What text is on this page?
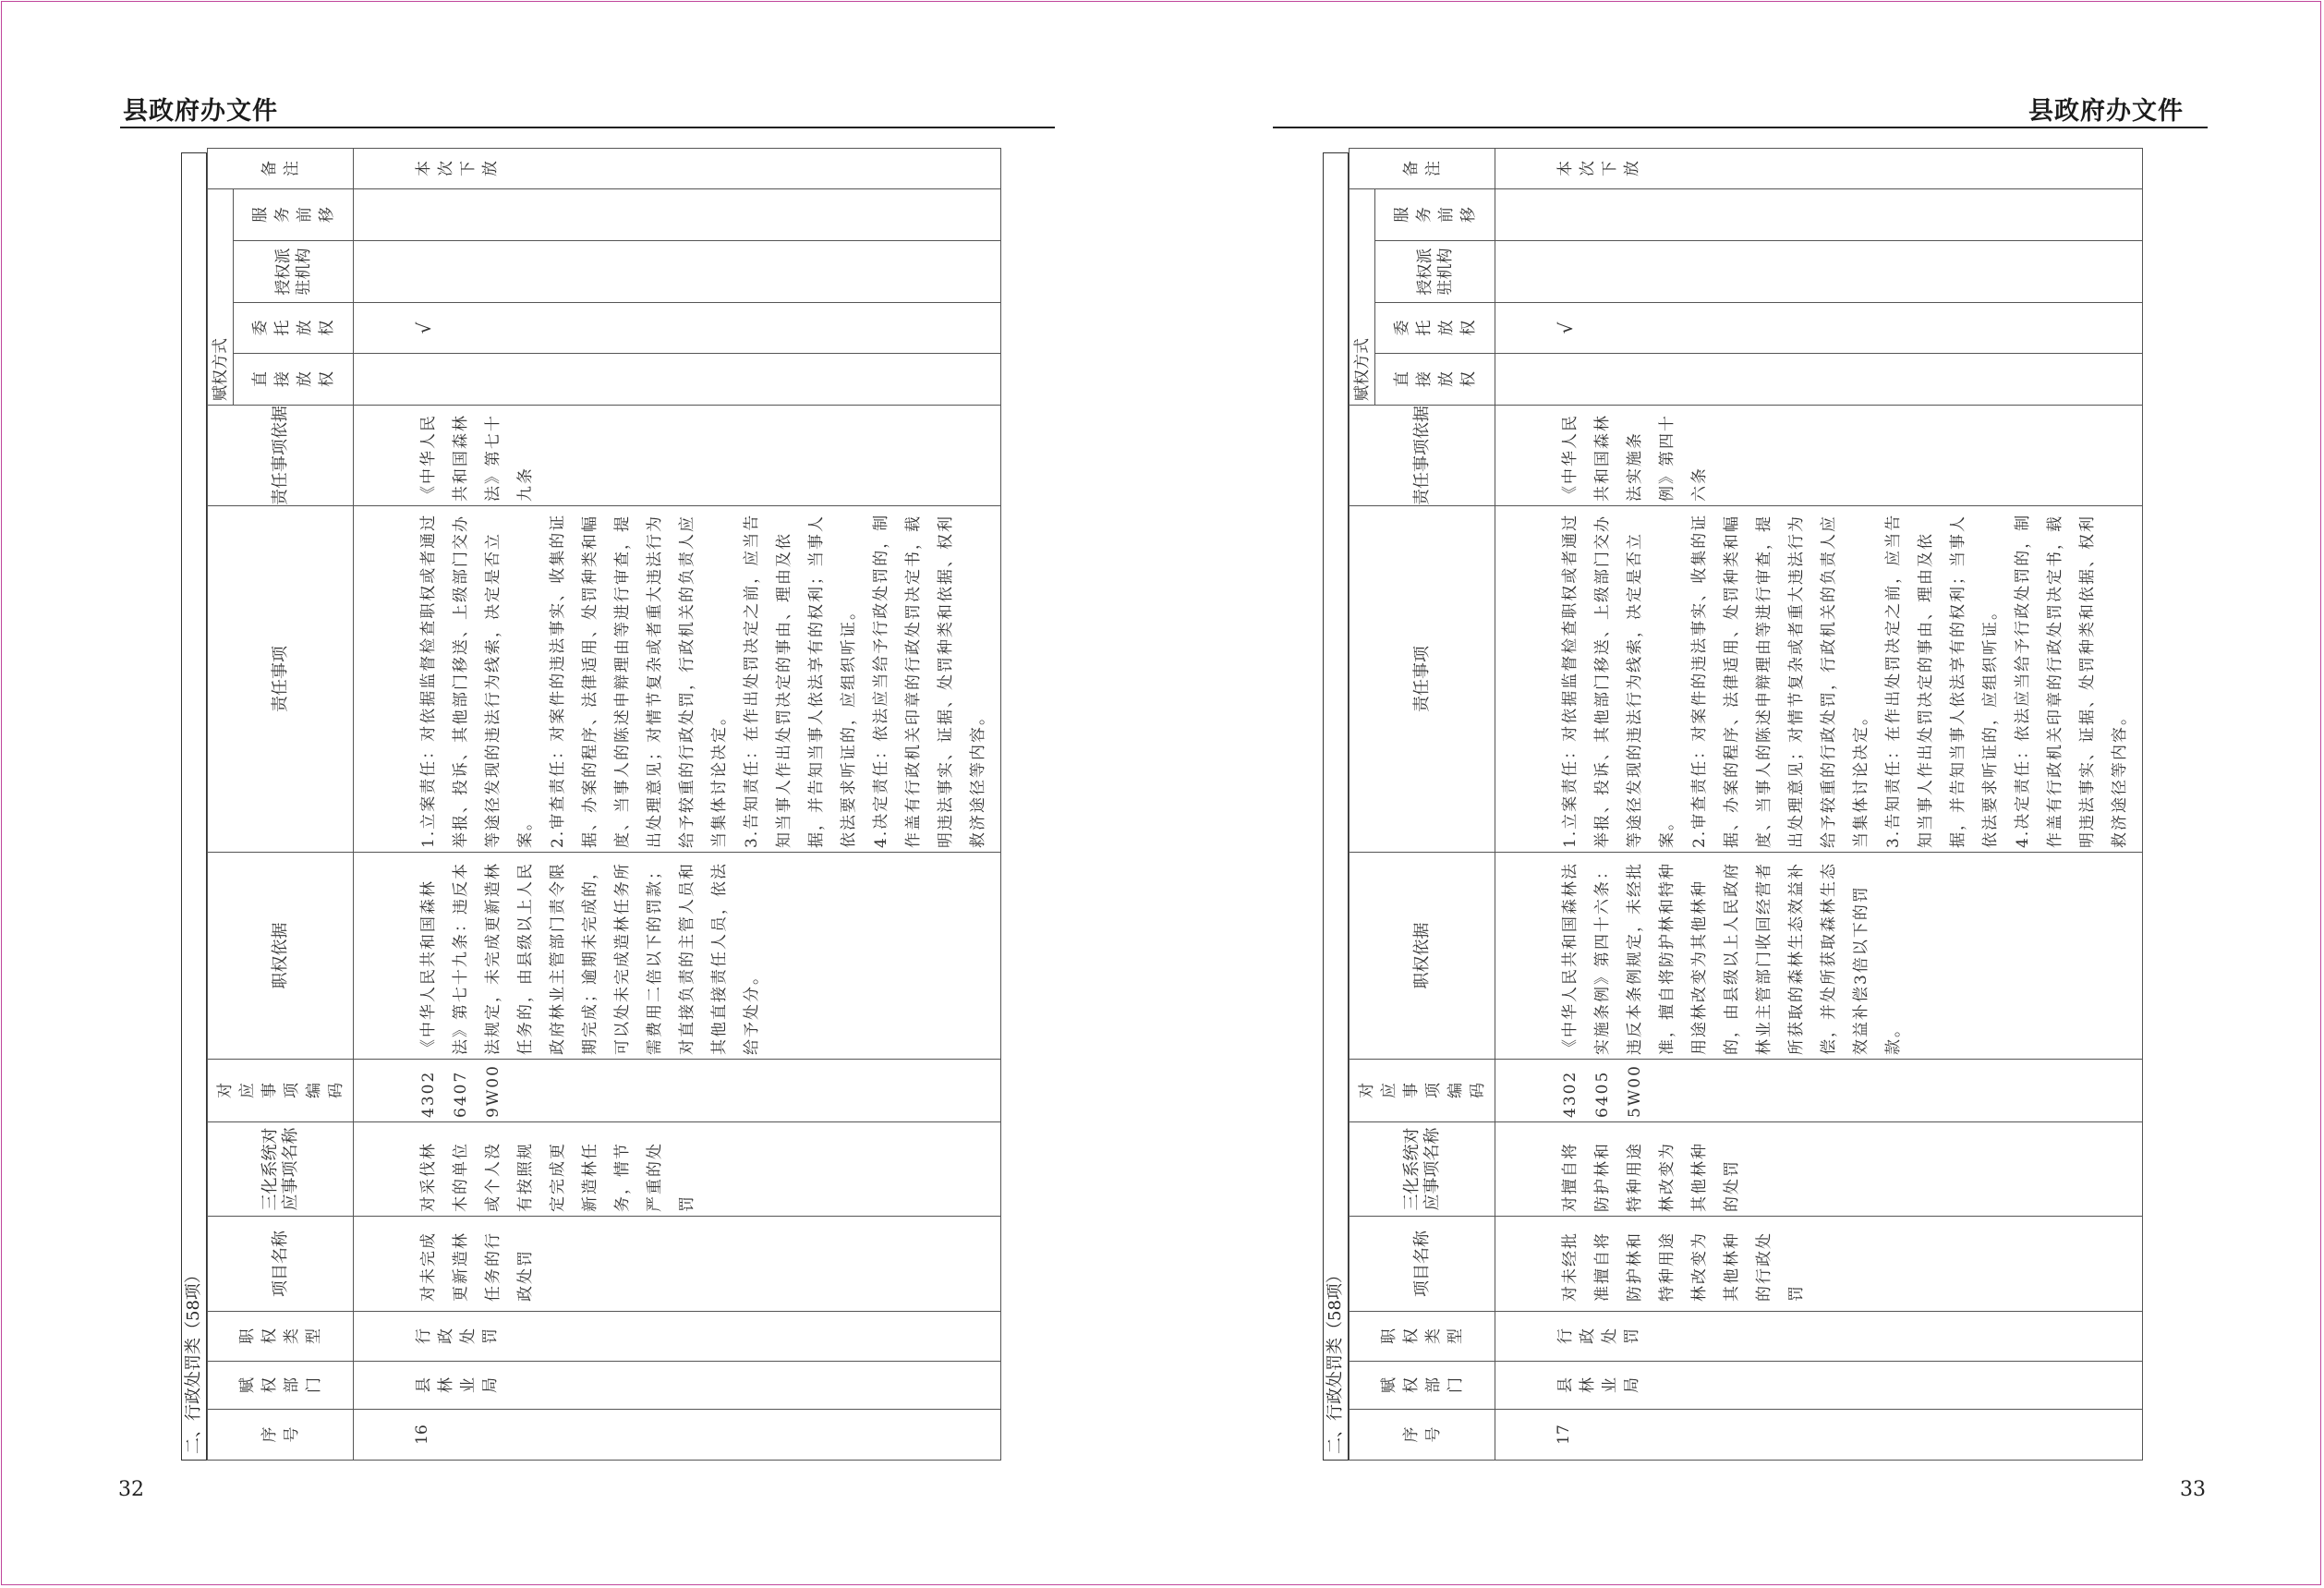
县政府办文件
32
二、行政处罚类（58项）	序号	赋权部门	职权类型	项目名称	三化系统对应事项名称	对应事项编码	职权依据	责任事项	责任事项依据	赋权方式				备注
									直接放权	委托放权	授权派驻机构	服务前移	
16	县林业局	行政处罚	对未完成更新造林任务的行政处罚	对采伐林木的单位或个人没有按照规定完成更新造林任务，情节严重的处罚	430264079W00	《中华人民共和国森林法》第七十九条：违反本法规定，未完成更新造林任务的，由县级以上人民政府林业主管部门责令限期完成；逾期未完成的，可以处未完成造林任务所需费用二倍以下的罚款；对直接负责的主管人员和其他直接责任人员，依法给予处分。	1.立案责任：对依据监督检查职权或者通过举报、投诉、其他部门移送、上级部门交办等途径发现的违法行为线索，决定是否立案。 2.审查责任：对案件的违法事实、收集的证据、办案的程序、法律适用、处罚种类和幅度、当事人的陈述申辩理由等进行审查，提出处理意见；对情节复杂或者重大违法行为给予较重的行政处罚，行政机关的负责人应当集体讨论决定。 3.告知责任：在作出处罚决定之前，应当告知当事人作出处罚决定的事由、理由及依据，并告知当事人依法享有的权利；当事人依法要求听证的，应组织听证。 4.决定责任：依法应当给予行政处罚的，制作盖有行政机关印章的行政处罚决定书，载明违法事实、证据、处罚种类和依据、权利救济途径等内容。	《中华人民共和国森林法》第七十九条		√			本次下放
县政府办文件
33
二、行政处罚类（58项）	序号	赋权部门	职权类型	项目名称	三化系统对应事项名称	对应事项编码	职权依据	责任事项	责任事项依据	赋权方式				备注
									直接放权	委托放权	授权派驻机构	服务前移	
17	县林业局	行政处罚	对未经批准擅自将防护林和特种用途林改变为其他林种的行政处罚	对擅自将防护林和特种用途林改变为其他林种的处罚	430264055W00	《中华人民共和国森林法实施条例》第四十六条：违反本条例规定，未经批准，擅自将防护林和特种用途林改变为其他林种的，由县级以上人民政府林业主管部门收回经营者所获取的森林生态效益补偿，并处所获取森林生态效益补偿3倍以下的罚款。	1.立案责任：对依据监督检查职权或者通过举报、投诉、其他部门移送、上级部门交办等途径发现的违法行为线索，决定是否立案。 2.审查责任：对案件的违法事实、收集的证据、办案的程序、法律适用、处罚种类和幅度、当事人的陈述申辩理由等进行审查，提出处理意见；对情节复杂或者重大违法行为给予较重的行政处罚，行政机关的负责人应当集体讨论决定。 3.告知责任：在作出处罚决定之前，应当告知当事人作出处罚决定的事由、理由及依据，并告知当事人依法享有的权利；当事人依法要求听证的，应组织听证。 4.决定责任：依法应当给予行政处罚的，制作盖有行政机关印章的行政处罚决定书，载明违法事实、证据、处罚种类和依据、权利救济途径等内容。	《中华人民共和国森林法实施条例》第四十六条		√			本次下放
